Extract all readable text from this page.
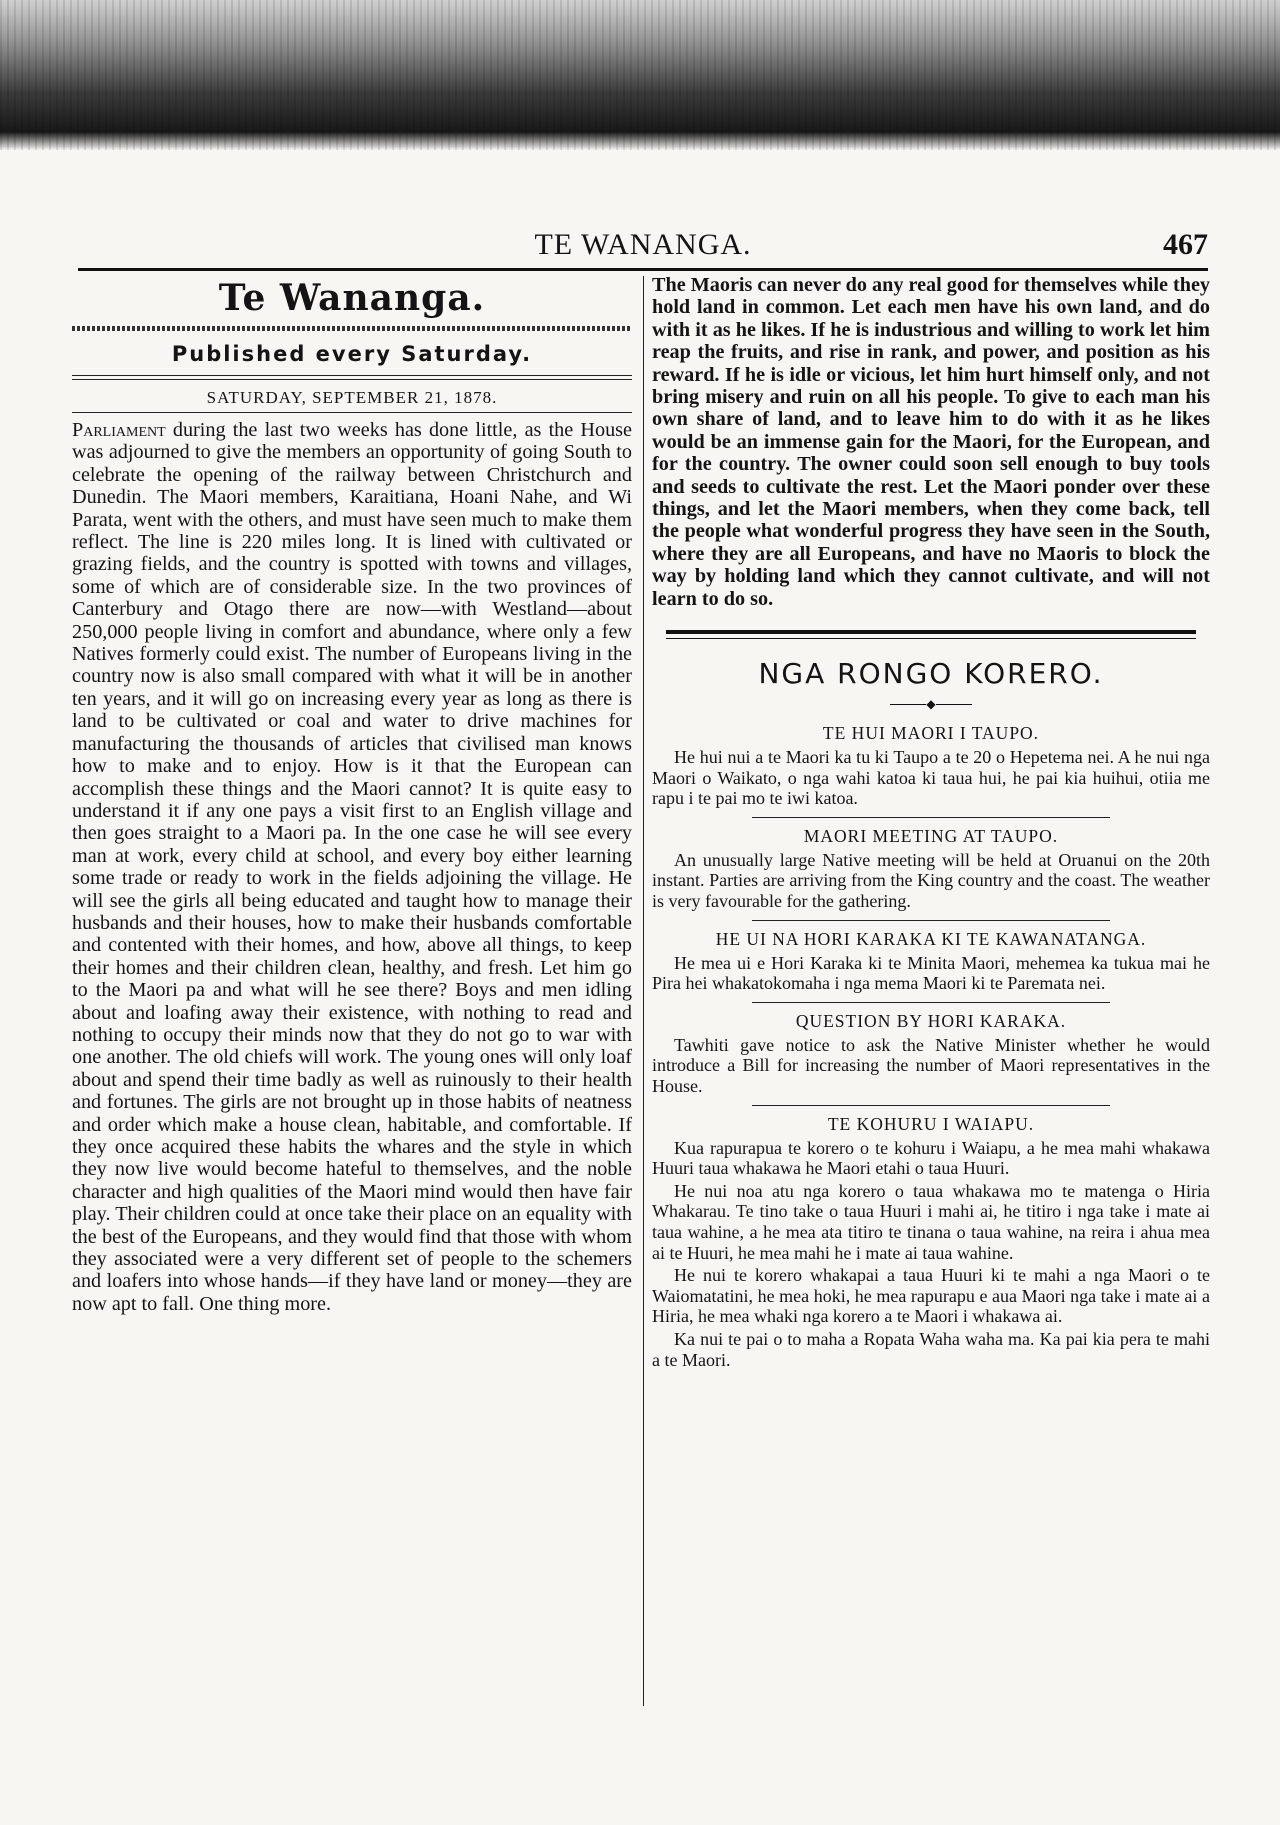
TE WANANGA.	467
Te Wananga.
Published every Saturday.
SATURDAY, SEPTEMBER 21, 1878.

Parliament during the last two weeks has done little, as the House was adjourned to give the members an opportunity of going South to celebrate the opening of the railway between Christchurch and Dunedin. The Maori members, Karaitiana, Hoani Nahe, and Wi Parata, went with the others, and must have seen much to make them reflect. The line is 220 miles long. It is lined with cultivated or grazing fields, and the country is spotted with towns and villages, some of which are of considerable size. In the two provinces of Canterbury and Otago there are now—with Westland—about 250,000 people living in comfort and abundance, where only a few Natives formerly could exist. The number of Europeans living in the country now is also small compared with what it will be in another ten years, and it will go on increasing every year as long as there is land to be cultivated or coal and water to drive machines for manufacturing the thousands of articles that civilised man knows how to make and to enjoy. How is it that the European can accomplish these things and the Maori cannot? It is quite easy to understand it if any one pays a visit first to an English village and then goes straight to a Maori pa. In the one case he will see every man at work, every child at school, and every boy either learning some trade or ready to work in the fields adjoining the village. He will see the girls all being educated and taught how to manage their husbands and their houses, how to make their husbands comfortable and contented with their homes, and how, above all things, to keep their homes and their children clean, healthy, and fresh. Let him go to the Maori pa and what will he see there? Boys and men idling about and loafing away their existence, with nothing to read and nothing to occupy their minds now that they do not go to war with one another. The old chiefs will work. The young ones will only loaf about and spend their time badly as well as ruinously to their health and fortunes. The girls are not brought up in those habits of neatness and order which make a house clean, habitable, and comfortable. If they once acquired these habits the whares and the style in which they now live would become hateful to themselves, and the noble character and high qualities of the Maori mind would then have fair play. Their children could at once take their place on an equality with the best of the Europeans, and they would find that those with whom they associated were a very different set of people to the schemers and loafers into whose hands—if they have land or money—they are now apt to fall. One thing more.

The Maoris can never do any real good for themselves while they hold land in common. Let each men have his own land, and do with it as he likes. If he is industrious and willing to work let him reap the fruits, and rise in rank, and power, and position as his reward. If he is idle or vicious, let him hurt himself only, and not bring misery and ruin on all his people. To give to each man his own share of land, and to leave him to do with it as he likes would be an immense gain for the Maori, for the European, and for the country. The owner could soon sell enough to buy tools and seeds to cultivate the rest. Let the Maori ponder over these things, and let the Maori members, when they come back, tell the people what wonderful progress they have seen in the South, where they are all Europeans, and have no Maoris to block the way by holding land which they cannot cultivate, and will not learn to do so.

NGA RONGO KORERO.
◆
TE HUI MAORI I TAUPO.

He hui nui a te Maori ka tu ki Taupo a te 20 o Hepetema nei. A he nui nga Maori o Waikato, o nga wahi katoa ki taua hui, he pai kia huihui, otiia me rapu i te pai mo te iwi katoa.

MAORI MEETING AT TAUPO.

An unusually large Native meeting will be held at Oruanui on the 20th instant. Parties are arriving from the King country and the coast. The weather is very favourable for the gathering.

HE UI NA HORI KARAKA KI TE KAWANATANGA.

He mea ui e Hori Karaka ki te Minita Maori, mehemea ka tukua mai he Pira hei whakatokomaha i nga mema Maori ki te Paremata nei.

QUESTION BY HORI KARAKA.

Tawhiti gave notice to ask the Native Minister whether he would introduce a Bill for increasing the number of Maori representatives in the House.

TE KOHURU I WAIAPU.

Kua rapurapua te korero o te kohuru i Waiapu, a he mea mahi whakawa Huuri taua whakawa he Maori etahi o taua Huuri.

He nui noa atu nga korero o taua whakawa mo te matenga o Hiria Whakarau. Te tino take o taua Huuri i mahi ai, he titiro i nga take i mate ai taua wahine, a he mea ata titiro te tinana o taua wahine, na reira i ahua mea ai te Huuri, he mea mahi he i mate ai taua wahine.

He nui te korero whakapai a taua Huuri ki te mahi a nga Maori o te Waiomatatini, he mea hoki, he mea rapurapu e aua Maori nga take i mate ai a Hiria, he mea whaki nga korero a te Maori i whakawa ai.

Ka nui te pai o to maha a Ropata Waha waha ma. Ka pai kia pera te mahi a te Maori.
